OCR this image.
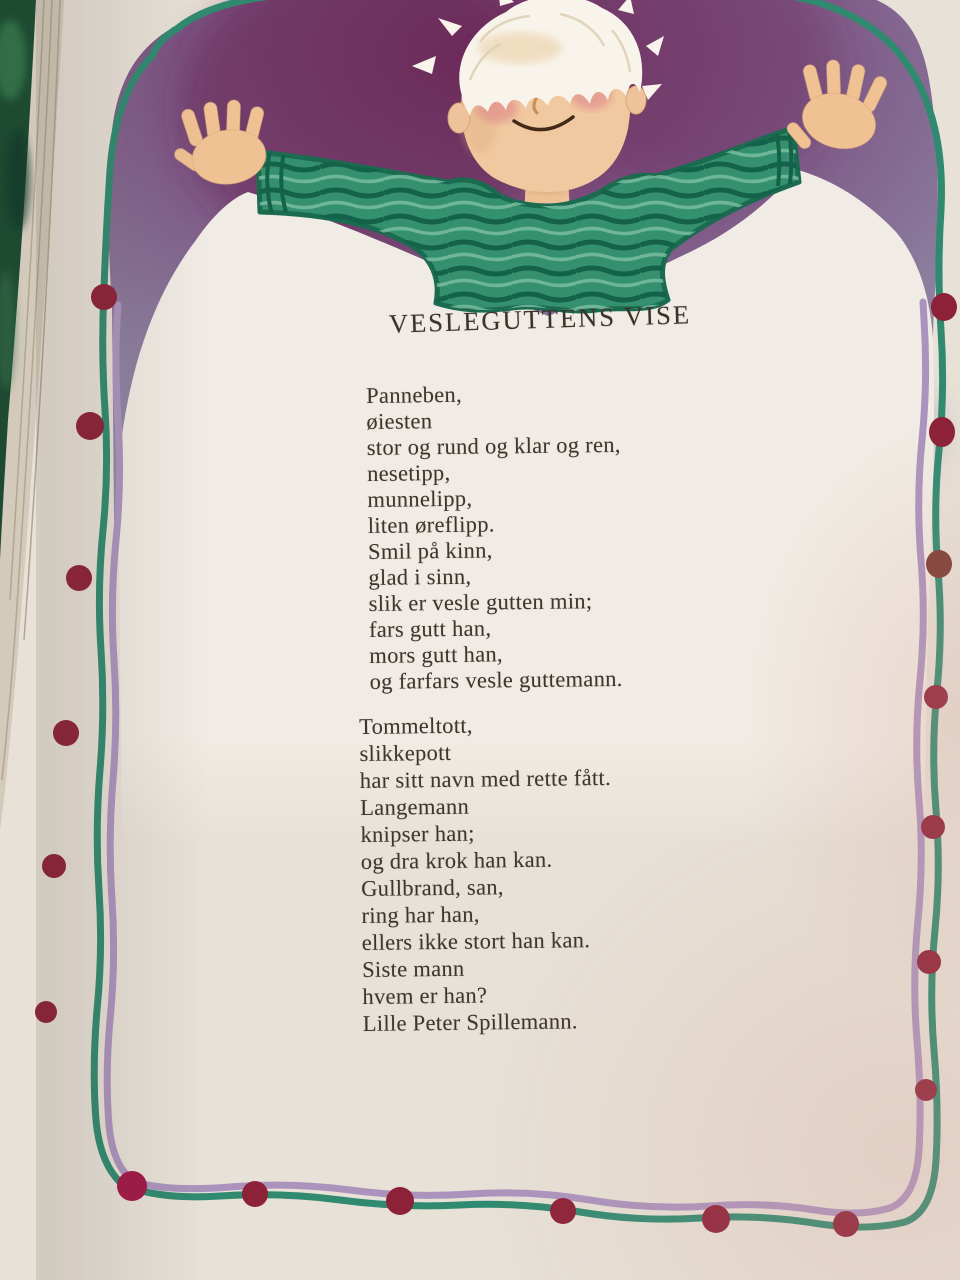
VESLEGUTTENS VISE
Panneben,
øiesten
stor og rund og klar og ren,
nesetipp,
munnelipp,
liten øreflipp.
Smil på kinn,
glad i sinn,
slik er vesle gutten min;
fars gutt han,
mors gutt han,
og farfars vesle guttemann.
Tommeltott,
slikkepott
har sitt navn med rette fått.
Langemann
knipser han;
og dra krok han kan.
Gullbrand, san,
ring har han,
ellers ikke stort han kan.
Siste mann
hvem er han?
Lille Peter Spillemann.
